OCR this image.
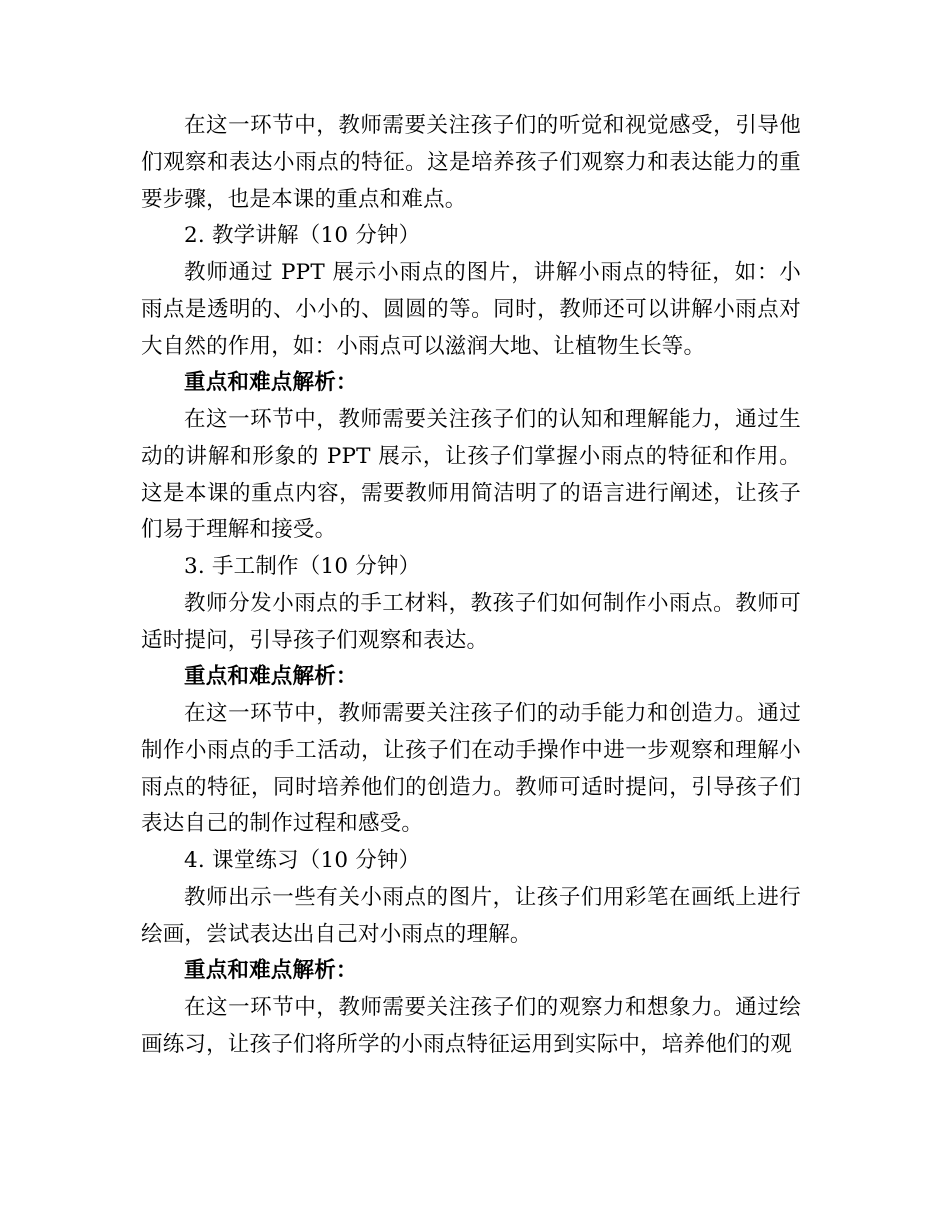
在这一环节中，教师需要关注孩子们的听觉和视觉感受，引导他们观察和表达小雨点的特征。这是培养孩子们观察力和表达能力的重要步骤，也是本课的重点和难点。

2. 教学讲解（10 分钟）

教师通过 PPT 展示小雨点的图片，讲解小雨点的特征，如：小雨点是透明的、小小的、圆圆的等。同时，教师还可以讲解小雨点对大自然的作用，如：小雨点可以滋润大地、让植物生长等。

重点和难点解析：

在这一环节中，教师需要关注孩子们的认知和理解能力，通过生动的讲解和形象的 PPT 展示，让孩子们掌握小雨点的特征和作用。这是本课的重点内容，需要教师用简洁明了的语言进行阐述，让孩子们易于理解和接受。

3. 手工制作（10 分钟）

教师分发小雨点的手工材料，教孩子们如何制作小雨点。教师可适时提问，引导孩子们观察和表达。

重点和难点解析：

在这一环节中，教师需要关注孩子们的动手能力和创造力。通过制作小雨点的手工活动，让孩子们在动手操作中进一步观察和理解小雨点的特征，同时培养他们的创造力。教师可适时提问，引导孩子们表达自己的制作过程和感受。

4. 课堂练习（10 分钟）

教师出示一些有关小雨点的图片，让孩子们用彩笔在画纸上进行绘画，尝试表达出自己对小雨点的理解。

重点和难点解析：

在这一环节中，教师需要关注孩子们的观察力和想象力。通过绘画练习，让孩子们将所学的小雨点特征运用到实际中，培养他们的观
